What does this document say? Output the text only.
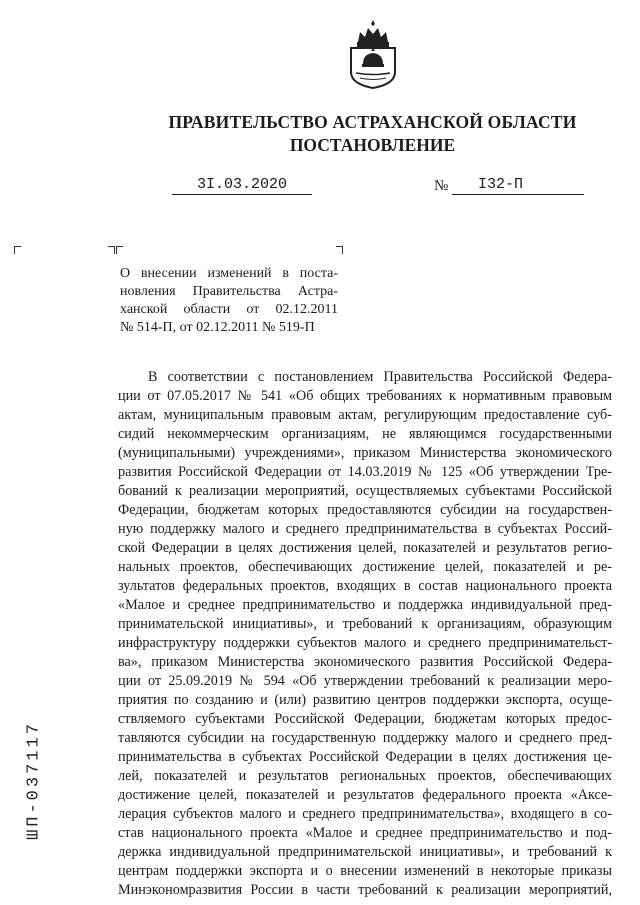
ПРАВИТЕЛЬСТВО АСТРАХАНСКОЙ ОБЛАСТИ
ПОСТАНОВЛЕНИЕ
3I.03.2020	№	I32-П
О внесении изменений в поста-
новления Правительства Астра-
ханской области от 02.12.2011
№ 514-П, от 02.12.2011 № 519-П
В соответствии с постановлением Правительства Российской Федера-
ции от 07.05.2017 № 541 «Об общих требованиях к нормативным правовым
актам, муниципальным правовым актам, регулирующим предоставление суб-
сидий некоммерческим организациям, не являющимся государственными
(муниципальными) учреждениями», приказом Министерства экономического
развития Российской Федерации от 14.03.2019 № 125 «Об утверждении Тре-
бований к реализации мероприятий, осуществляемых субъектами Российской
Федерации, бюджетам которых предоставляются субсидии на государствен-
ную поддержку малого и среднего предпринимательства в субъектах Россий-
ской Федерации в целях достижения целей, показателей и результатов регио-
нальных проектов, обеспечивающих достижение целей, показателей и ре-
зультатов федеральных проектов, входящих в состав национального проекта
«Малое и среднее предпринимательство и поддержка индивидуальной пред-
принимательской инициативы», и требований к организациям, образующим
инфраструктуру поддержки субъектов малого и среднего предпринимательст-
ва», приказом Министерства экономического развития Российской Федера-
ции от 25.09.2019 № 594 «Об утверждении требований к реализации меро-
приятия по созданию и (или) развитию центров поддержки экспорта, осуще-
ствляемого субъектами Российской Федерации, бюджетам которых предос-
тавляются субсидии на государственную поддержку малого и среднего пред-
принимательства в субъектах Российской Федерации в целях достижения це-
лей, показателей и результатов региональных проектов, обеспечивающих
достижение целей, показателей и результатов федерального проекта «Аксе-
лерация субъектов малого и среднего предпринимательства», входящего в со-
став национального проекта «Малое и среднее предпринимательство и под-
держка индивидуальной предпринимательской инициативы», и требований к
центрам поддержки экспорта и о внесении изменений в некоторые приказы
Минэкономразвития России в части требований к реализации мероприятий,
ШП-037117
